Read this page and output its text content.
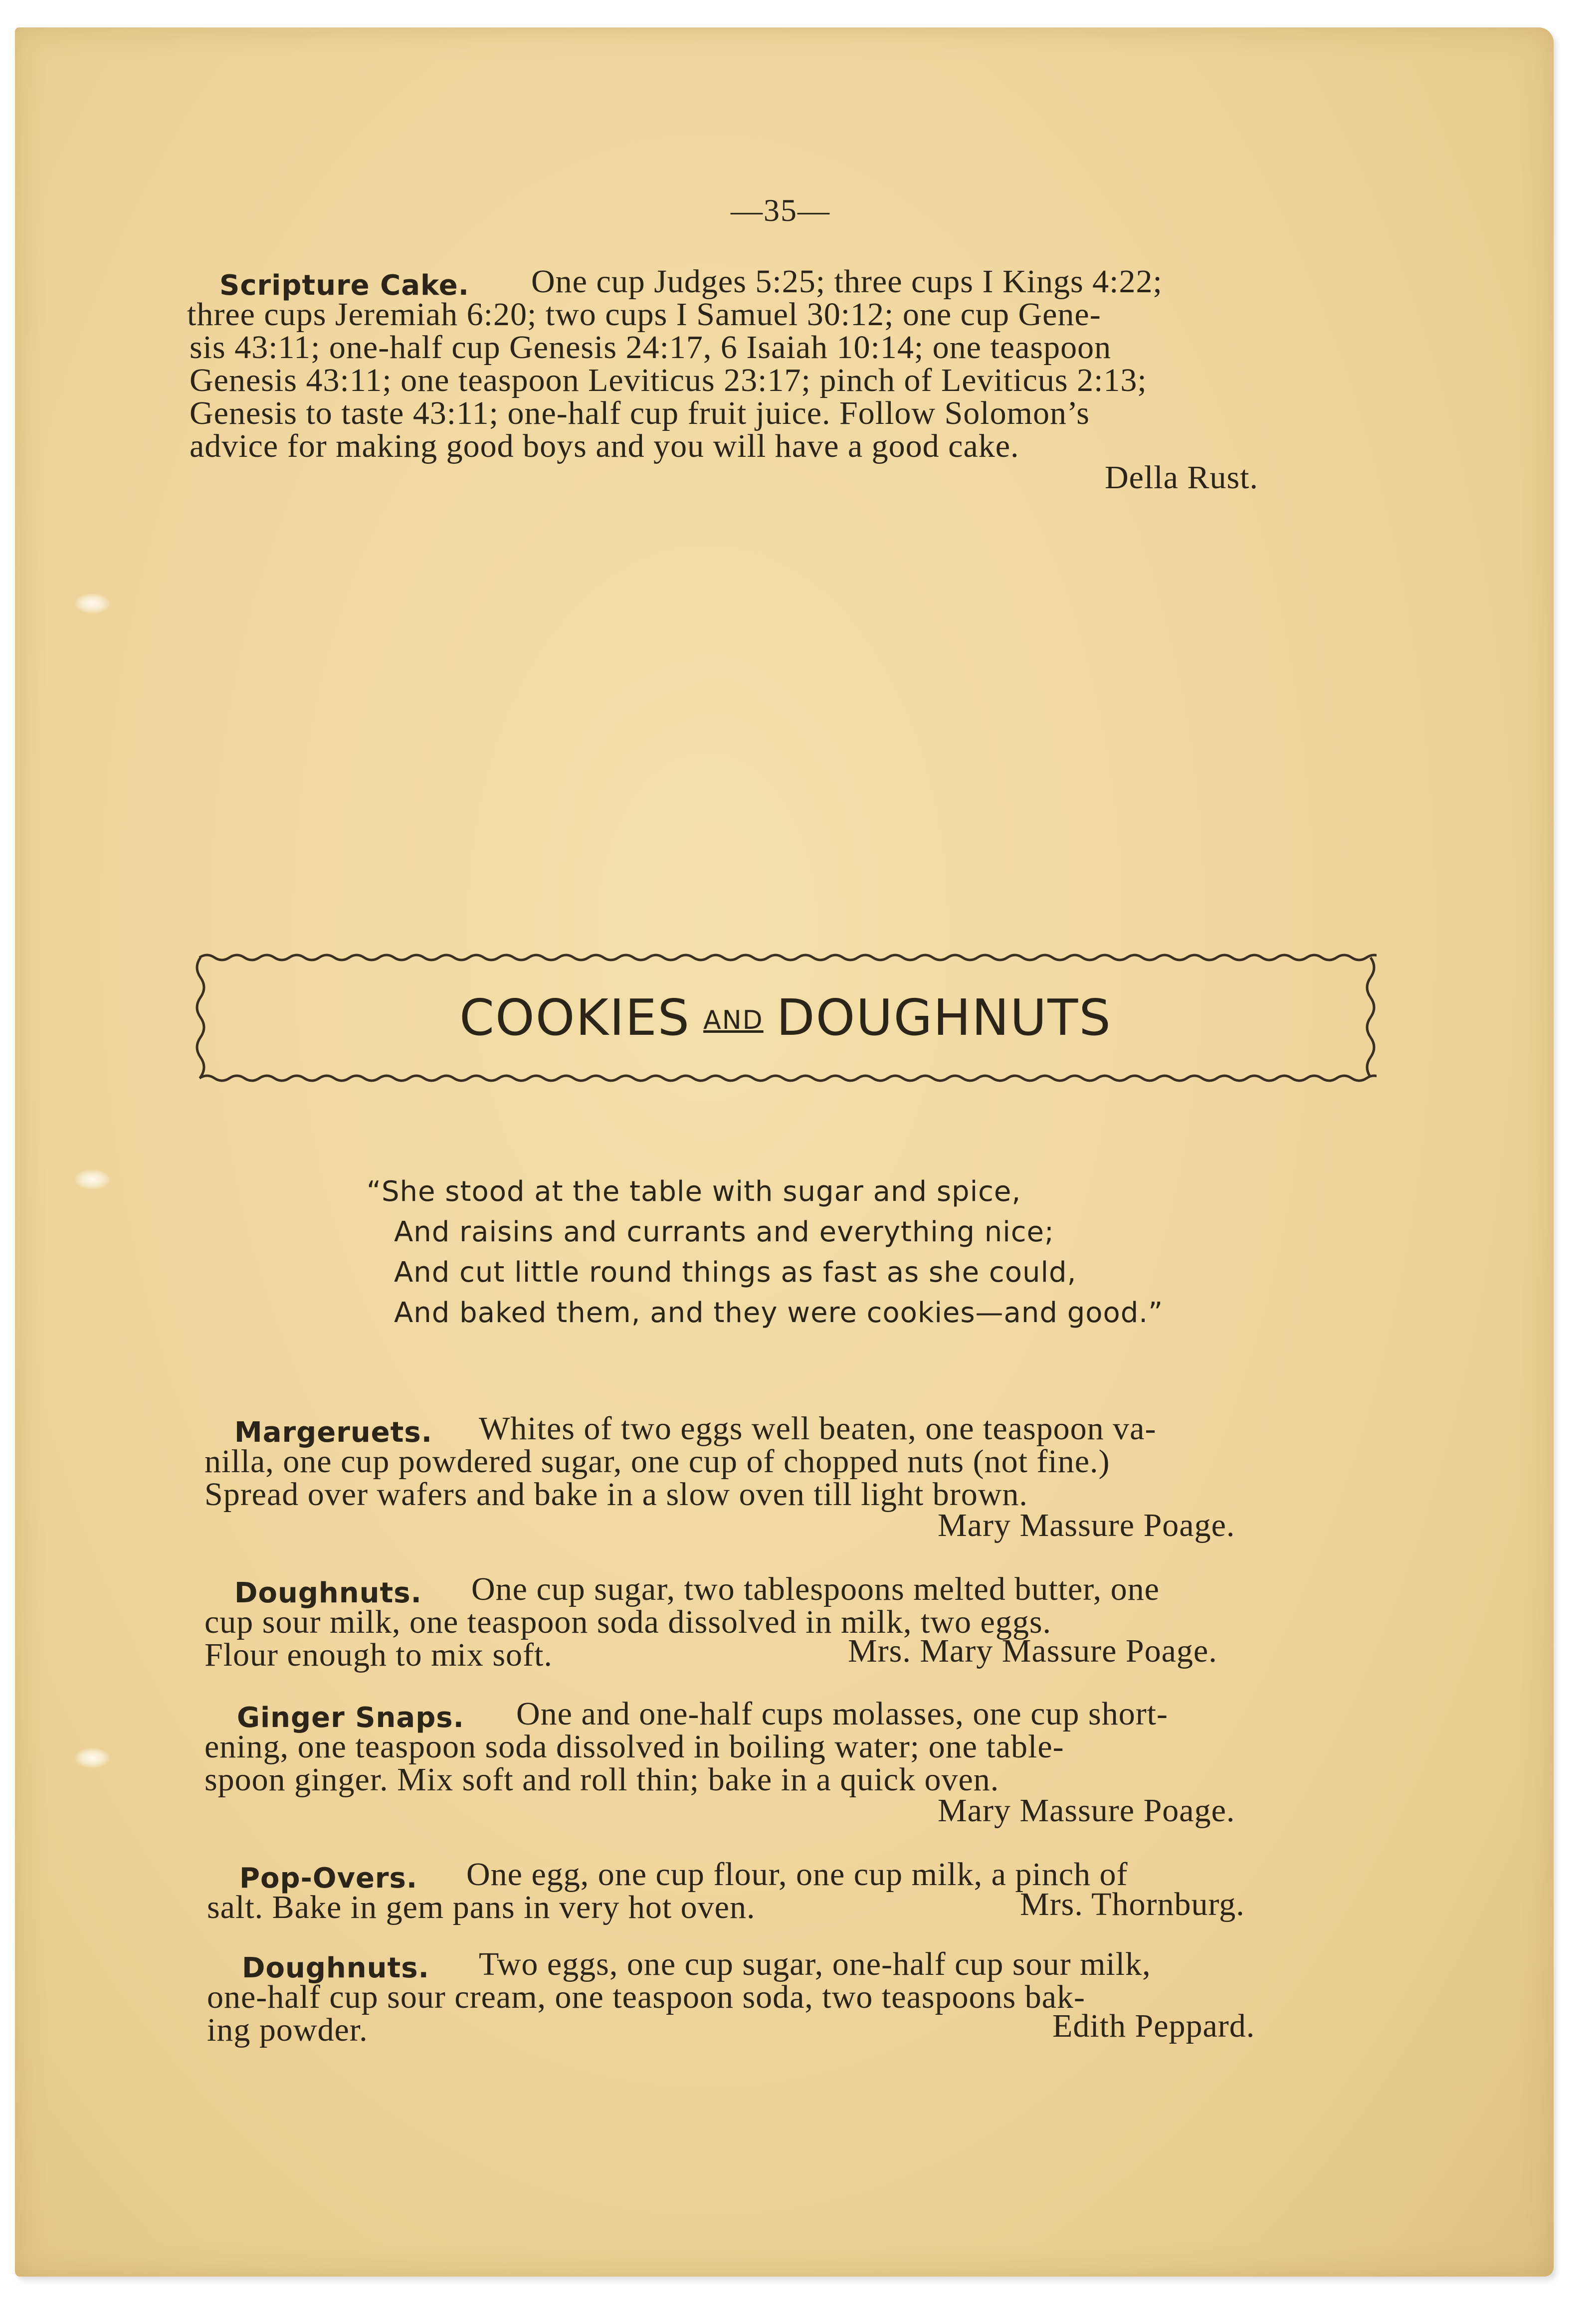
—35—
Scripture Cake. One cup Judges 5:25; three cups I Kings 4:22;
three cups Jeremiah 6:20; two cups I Samuel 30:12; one cup Gene-
sis 43:11; one-half cup Genesis 24:17, 6 Isaiah 10:14; one teaspoon
Genesis 43:11; one teaspoon Leviticus 23:17; pinch of Leviticus 2:13;
Genesis to taste 43:11; one-half cup fruit juice. Follow Solomon’s
advice for making good boys and you will have a good cake.
Della Rust.
COOKIES AND DOUGHNUTS
“She stood at the table with sugar and spice,
And raisins and currants and everything nice;
And cut little round things as fast as she could,
And baked them, and they were cookies—and good.”
Margeruets. Whites of two eggs well beaten, one teaspoon va-
nilla, one cup powdered sugar, one cup of chopped nuts (not fine.)
Spread over wafers and bake in a slow oven till light brown.
Mary Massure Poage.
Doughnuts. One cup sugar, two tablespoons melted butter, one
cup sour milk, one teaspoon soda dissolved in milk, two eggs.
Flour enough to mix soft.	Mrs. Mary Massure Poage.
Ginger Snaps. One and one-half cups molasses, one cup short-
ening, one teaspoon soda dissolved in boiling water; one table-
spoon ginger. Mix soft and roll thin; bake in a quick oven.
Mary Massure Poage.
Pop-Overs. One egg, one cup flour, one cup milk, a pinch of
salt. Bake in gem pans in very hot oven.	Mrs. Thornburg.
Doughnuts. Two eggs, one cup sugar, one-half cup sour milk,
one-half cup sour cream, one teaspoon soda, two teaspoons bak-
ing powder.	Edith Peppard.
